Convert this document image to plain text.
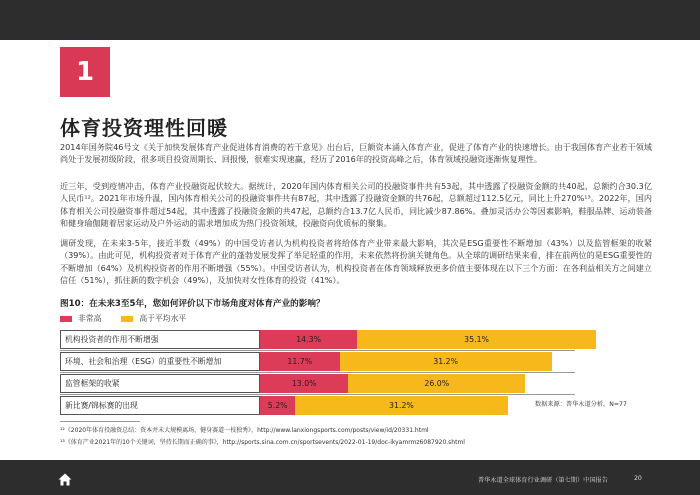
1
体育投资理性回暖

2014年国务院46号文《关于加快发展体育产业促进体育消费的若干意见》出台后，巨额资本涌入体育产业，促进了体育产业的快速增长。由于我国体育产业若干领域尚处于发展初级阶段，很多项目投资周期长、回报慢，很难实现速赢，经历了2016年的投资高峰之后，体育领域投融资逐渐恢复理性。

近三年，受到疫情冲击，体育产业投融资起伏较大。据统计，2020年国内体育相关公司的投融资事件共有53起，其中透露了投融资金额的共40起，总额约合30.3亿人民币¹²。2021年市场升温，国内体育相关公司的投融资事件共有87起，其中透露了投融资金额的共76起，总额超过112.5亿元，同比上升270%¹³。2022年，国内体育相关公司投融资事件超过54起，其中透露了投融资金额的共47起，总额约合13.7亿人民币，同比减少87.86%。叠加灵活办公等因素影响，鞋服品牌、运动装备和健身瑜伽随着居家运动及户外运动的需求增加成为热门投资领域，投融资向优质标的聚集。

调研发现，在未来3-5年，接近半数（49%）的中国受访者认为机构投资者将给体育产业带来最大影响，其次是ESG重要性不断增加（43%）以及监管框架的收紧（39%）。由此可见，机构投资者对于体育产业的蓬勃发展发挥了举足轻重的作用，未来依然将扮演关键角色。从全球的调研结果来看，排在前两位的是ESG重要性的不断增加（64%）及机构投资者的作用不断增强（55%）。中国受访者认为，机构投资者在体育领域释放更多价值主要体现在以下三个方面：在各利益相关方之间建立信任（51%），抓住新的数字机会（49%），及加快对女性体育的投资（41%）。

图10：在未来3至5年，您如何评价以下市场角度对体育产业的影响？
非常高	高于平均水平
机构投资者的作用不断增强	14.3%	35.1%
环境、社会和治理（ESG）的重要性不断增加	11.7%	31.2%
监管框架的收紧	13.0%	26.0%
新比赛/锦标赛的出现	5.2%	31.2%	数据来源：普华永道分析，N=77
¹²《2020年体育投融资总结：资本并未大规模离场，健身赛道一枝独秀》，http://www.lanxiongsports.com/posts/view/id/20331.html
¹³《体育产业2021年的10个关键词，坚持长期而正确的事》，http://sports.sina.com.cn/sportsevents/2022-01-19/doc-ikyamrmz6087920.shtml
普华永道全球体育行业调研（第七期）中国报告	20
